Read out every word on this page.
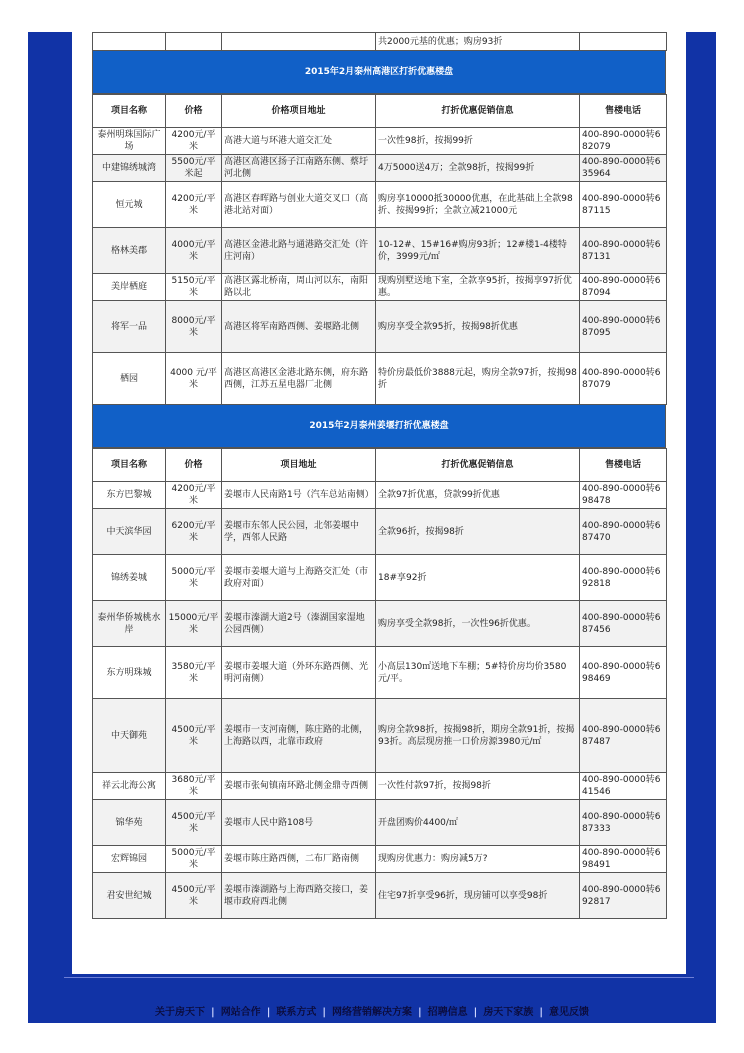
			共2000元基的优惠；购房93折	
2015年2月泰州高港区打折优惠楼盘
项目名称	价格	价格项目地址	打折优惠促销信息	售楼电话
泰州明珠国际广场	4200元/平米	高港大道与环港大道交汇处	一次性98折，按揭99折	400-890-0000转682079
中建锦绣城湾	5500元/平米起	高港区高港区扬子江南路东侧、蔡圩河北侧	4万5000送4万；全款98折，按揭99折	400-890-0000转635964
恒元城	4200元/平米	高港区春晖路与创业大道交叉口（高港北站对面）	购房享10000抵30000优惠，在此基础上全款98折、按揭99折；全款立减21000元	400-890-0000转687115
格林美郡	4000元/平米	高港区金港北路与通港路交汇处（许庄河南）	10-12#、15#16#购房93折；12#楼1-4楼特价，3999元/㎡	400-890-0000转687131
美岸栖庭	5150元/平米	高港区露北桥南，周山河以东，南阳路以北	现购别墅送地下室，全款享95折，按揭享97折优惠。	400-890-0000转687094
将军一品	8000元/平米	高港区将军南路西侧、姜堰路北侧	购房享受全款95折，按揭98折优惠	400-890-0000转687095
栖园	4000 元/平米	高港区高港区金港北路东侧，府东路西侧，江苏五星电器厂北侧	特价房最低价3888元起，购房全款97折，按揭98折	400-890-0000转687079
2015年2月泰州姜堰打折优惠楼盘
项目名称	价格	项目地址	打折优惠促销信息	售楼电话
东方巴黎城	4200元/平米	姜堰市人民南路1号（汽车总站南侧）	全款97折优惠，贷款99折优惠	400-890-0000转698478
中天滨华园	6200元/平米	姜堰市东邻人民公园，北邻姜堰中学，西邻人民路	全款96折，按揭98折	400-890-0000转687470
锦绣姜城	5000元/平米	姜堰市姜堰大道与上海路交汇处（市政府对面）	18#享92折	400-890-0000转692818
泰州华侨城桃水岸	15000元/平米	姜堰市溱湖大道2号（溱湖国家湿地公园西侧）	购房享受全款98折，一次性96折优惠。	400-890-0000转687456
东方明珠城	3580元/平米	姜堰市姜堰大道（外环东路西侧、光明河南侧）	小高层130㎡送地下车棚；5#特价房均价3580元/平。	400-890-0000转698469
中天御苑	4500元/平米	姜堰市一支河南侧，陈庄路的北侧，上海路以西，北靠市政府	购房全款98折，按揭98折，期房全款91折，按揭93折。高层现房推一口价房源3980元/㎡	400-890-0000转687487
祥云北海公寓	3680元/平米	姜堰市张甸镇南环路北侧金鼎寺西侧	一次性付款97折，按揭98折	400-890-0000转641546
锦华苑	4500元/平米	姜堰市人民中路108号	开盘团购价4400/㎡	400-890-0000转687333
宏辉锦园	5000元/平米	姜堰市陈庄路西侧，二布厂路南侧	现购房优惠力：购房减5万?	400-890-0000转698491
君安世纪城	4500元/平米	姜堰市溱湖路与上海西路交接口，姜堰市政府西北侧	住宅97折享受96折，现房铺可以享受98折	400-890-0000转692817
关于房天下 | 网站合作 | 联系方式 | 网络营销解决方案 | 招聘信息 | 房天下家族 | 意见反馈
